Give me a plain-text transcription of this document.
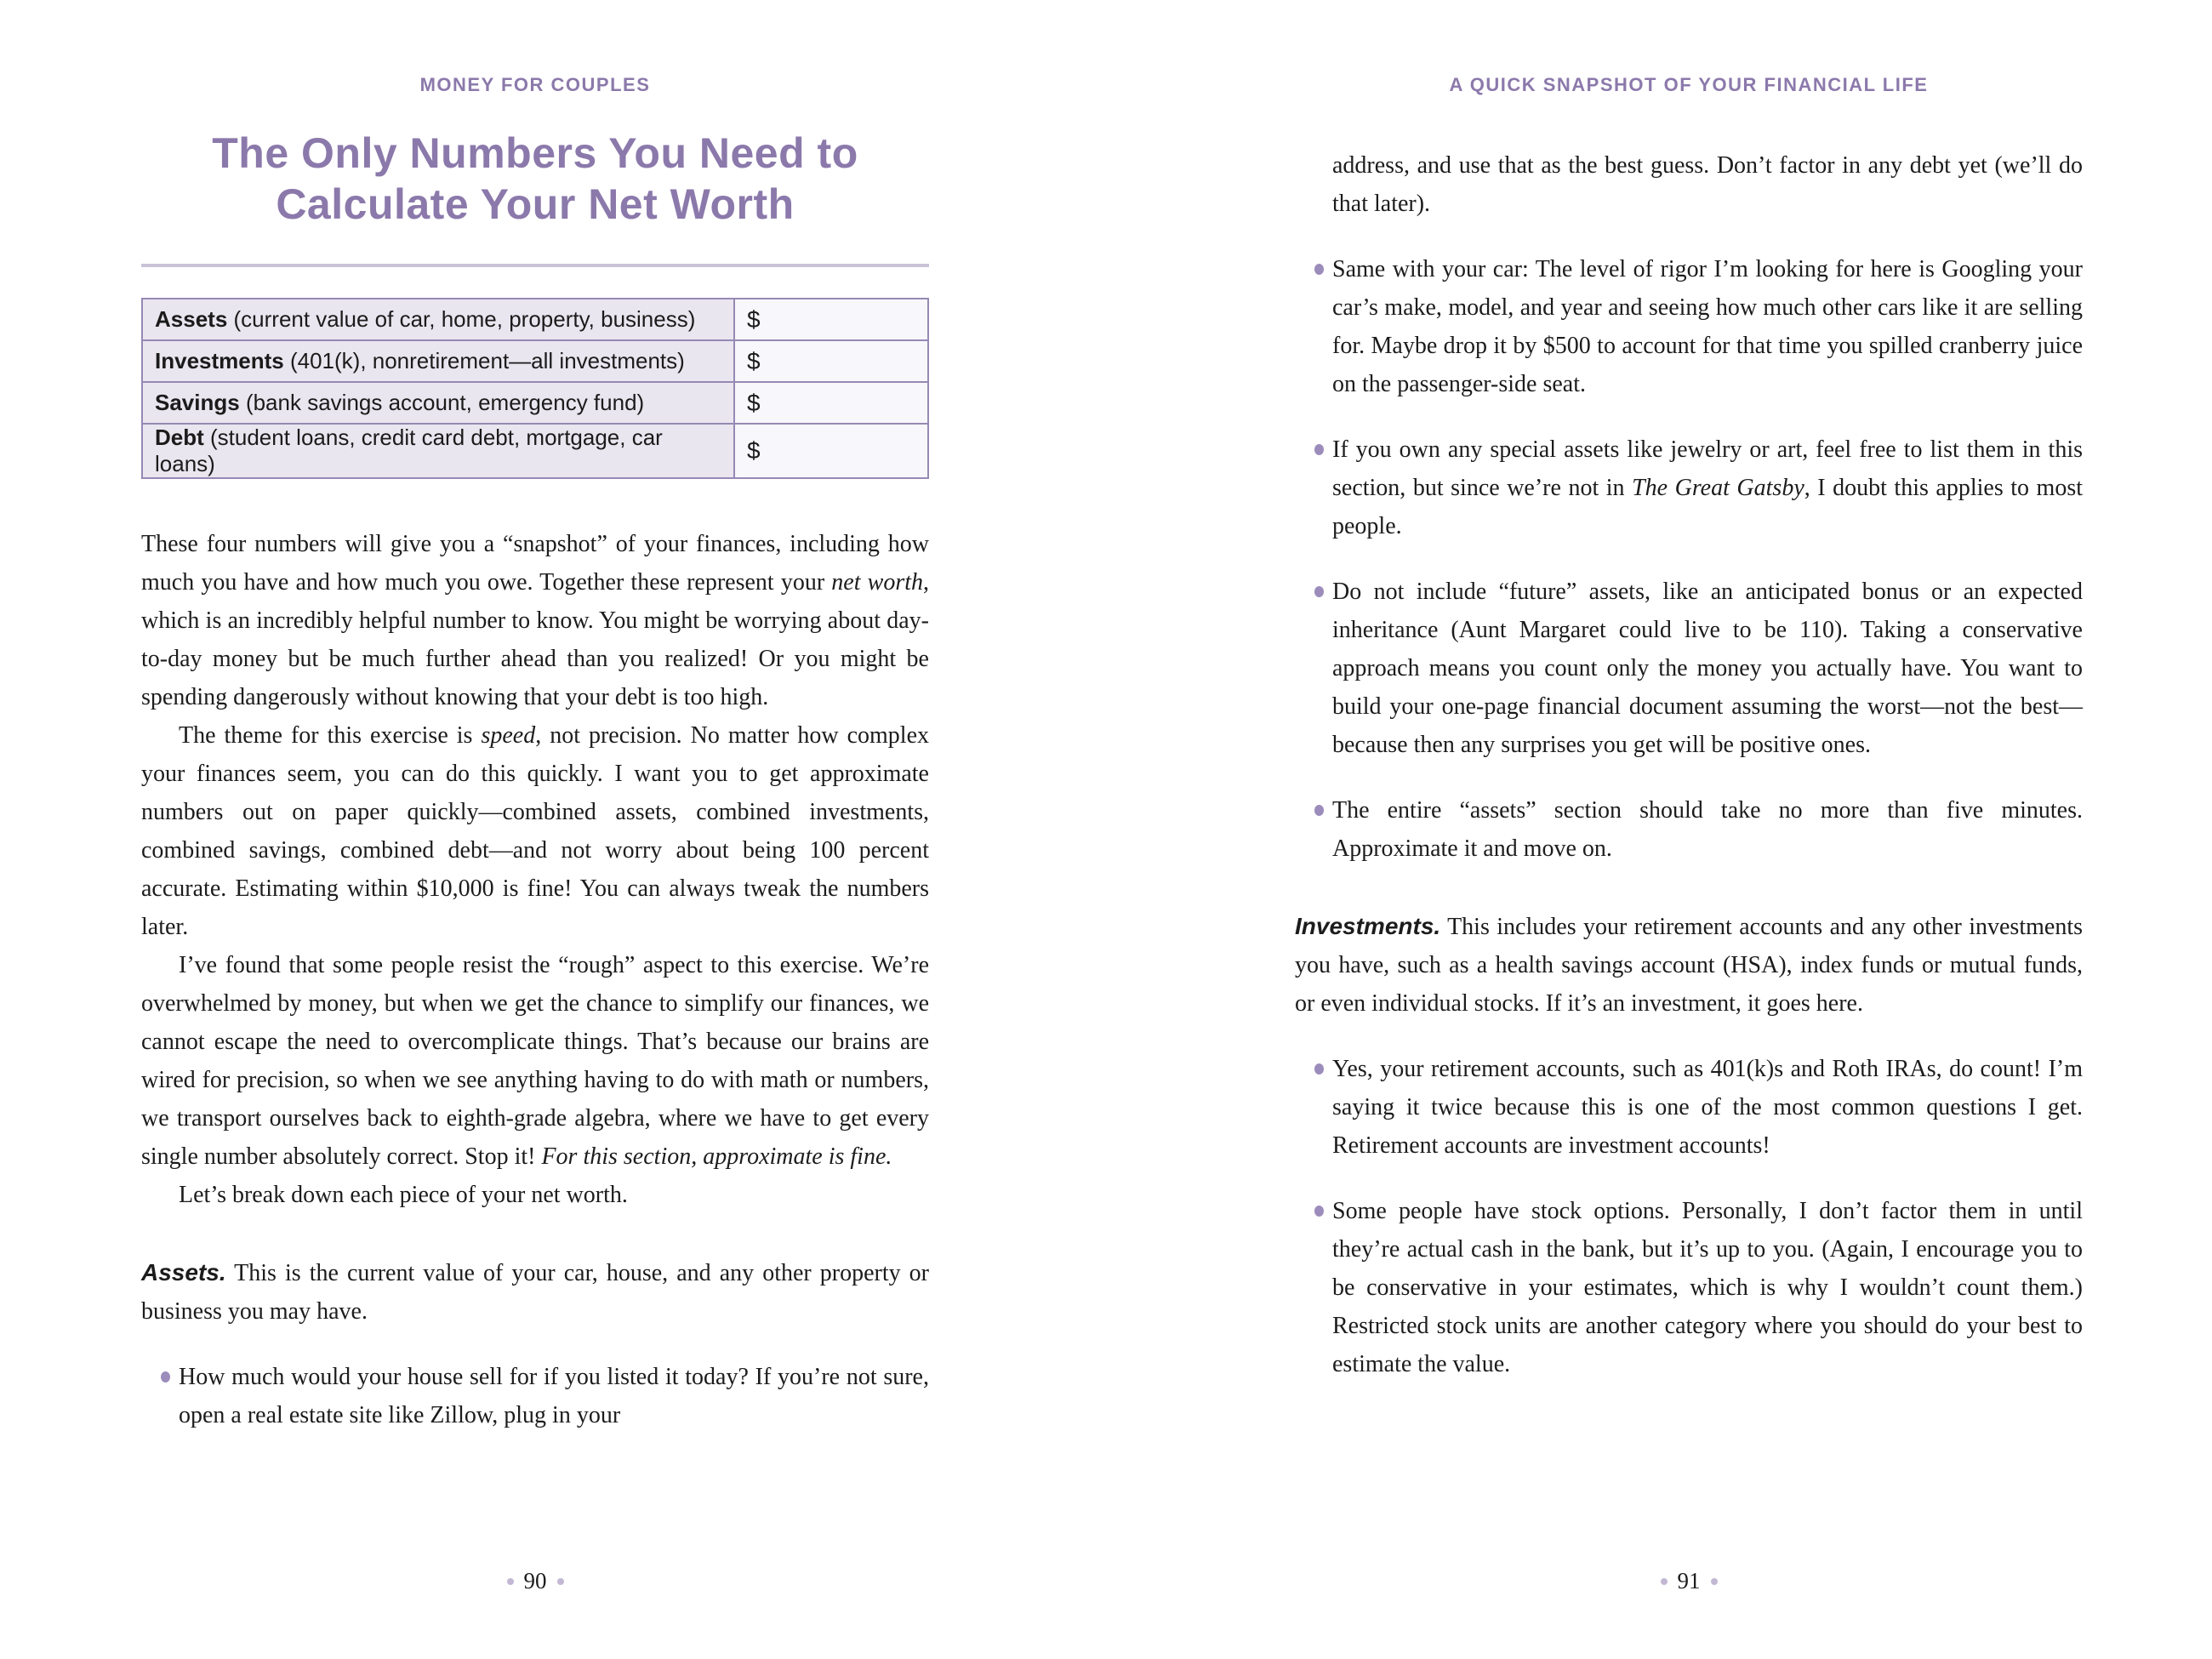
MONEY FOR COUPLES
The Only Numbers You Need to
Calculate Your Net Worth
Assets (current value of car, home, property, business)	$
Investments (401(k), nonretirement—all investments)	$
Savings (bank savings account, emergency fund)	$
Debt (student loans, credit card debt, mortgage, car loans)	$

These four numbers will give you a “snapshot” of your finances, including how much you have and how much you owe. Together these represent your net worth, which is an incredibly helpful number to know. You might be worrying about day-to-day money but be much further ahead than you realized! Or you might be spending dangerously without knowing that your debt is too high.

The theme for this exercise is speed, not precision. No matter how complex your finances seem, you can do this quickly. I want you to get approximate numbers out on paper quickly—combined assets, combined investments, combined savings, combined debt—and not worry about being 100 percent accurate. Estimating within $10,000 is fine! You can always tweak the numbers later.

I’ve found that some people resist the “rough” aspect to this exercise. We’re overwhelmed by money, but when we get the chance to simplify our finances, we cannot escape the need to overcomplicate things. That’s because our brains are wired for precision, so when we see anything having to do with math or numbers, we transport ourselves back to eighth-grade algebra, where we have to get every single number absolutely correct. Stop it! For this section, approximate is fine.

Let’s break down each piece of your net worth.

Assets. This is the current value of your car, house, and any other property or business you may have.

How much would your house sell for if you listed it today? If you’re not sure, open a real estate site like Zillow, plug in your

90
A QUICK SNAPSHOT OF YOUR FINANCIAL LIFE

address, and use that as the best guess. Don’t factor in any debt yet (we’ll do that later).

Same with your car: The level of rigor I’m looking for here is Googling your car’s make, model, and year and seeing how much other cars like it are selling for. Maybe drop it by $500 to account for that time you spilled cranberry juice on the passenger-side seat.

If you own any special assets like jewelry or art, feel free to list them in this section, but since we’re not in The Great Gatsby, I doubt this applies to most people.

Do not include “future” assets, like an anticipated bonus or an expected inheritance (Aunt Margaret could live to be 110). Taking a conservative approach means you count only the money you actually have. You want to build your one-page financial document assuming the worst—not the best—because then any surprises you get will be positive ones.

The entire “assets” section should take no more than five minutes. Approximate it and move on.

Investments. This includes your retirement accounts and any other investments you have, such as a health savings account (HSA), index funds or mutual funds, or even individual stocks. If it’s an investment, it goes here.

Yes, your retirement accounts, such as 401(k)s and Roth IRAs, do count! I’m saying it twice because this is one of the most common questions I get. Retirement accounts are investment accounts!

Some people have stock options. Personally, I don’t factor them in until they’re actual cash in the bank, but it’s up to you. (Again, I encourage you to be conservative in your estimates, which is why I wouldn’t count them.) Restricted stock units are another category where you should do your best to estimate the value.

91
